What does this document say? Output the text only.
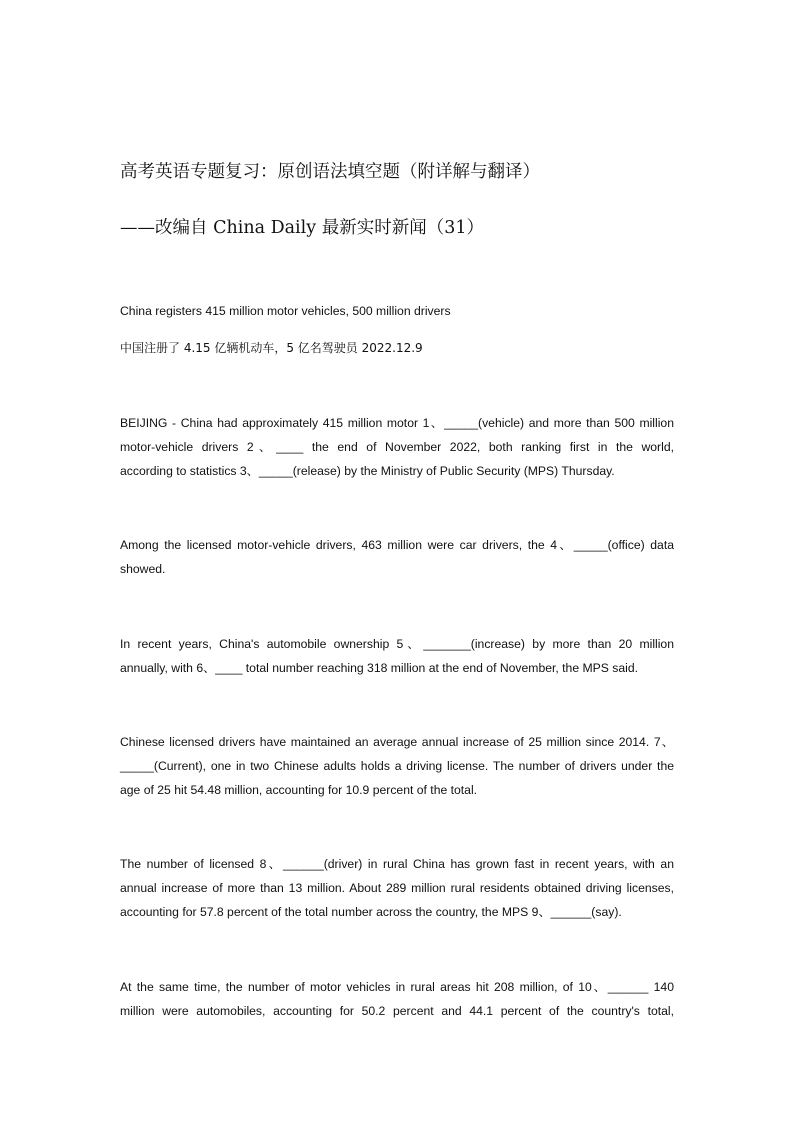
高考英语专题复习：原创语法填空题（附详解与翻译）
——改编自 China Daily 最新实时新闻（31）
China registers 415 million motor vehicles, 500 million drivers
中国注册了 4.15 亿辆机动车，5 亿名驾驶员 2022.12.9
BEIJING - China had approximately 415 million motor 1、_____(vehicle) and more than 500 million
motor-vehicle drivers 2、____ the end of November 2022, both ranking first in the world,
according to statistics 3、_____(release) by the Ministry of Public Security (MPS) Thursday.
Among the licensed motor-vehicle drivers, 463 million were car drivers, the 4、_____(office) data
showed.
In recent years, China's automobile ownership 5、_______(increase) by more than 20 million
annually, with 6、____ total number reaching 318 million at the end of November, the MPS said.
Chinese licensed drivers have maintained an average annual increase of 25 million since 2014. 7、
_____(Current), one in two Chinese adults holds a driving license. The number of drivers under the
age of 25 hit 54.48 million, accounting for 10.9 percent of the total.
The number of licensed 8、______(driver) in rural China has grown fast in recent years, with an
annual increase of more than 13 million. About 289 million rural residents obtained driving licenses,
accounting for 57.8 percent of the total number across the country, the MPS 9、______(say).
At the same time, the number of motor vehicles in rural areas hit 208 million, of 10、______ 140
million were automobiles, accounting for 50.2 percent and 44.1 percent of the country's total,
